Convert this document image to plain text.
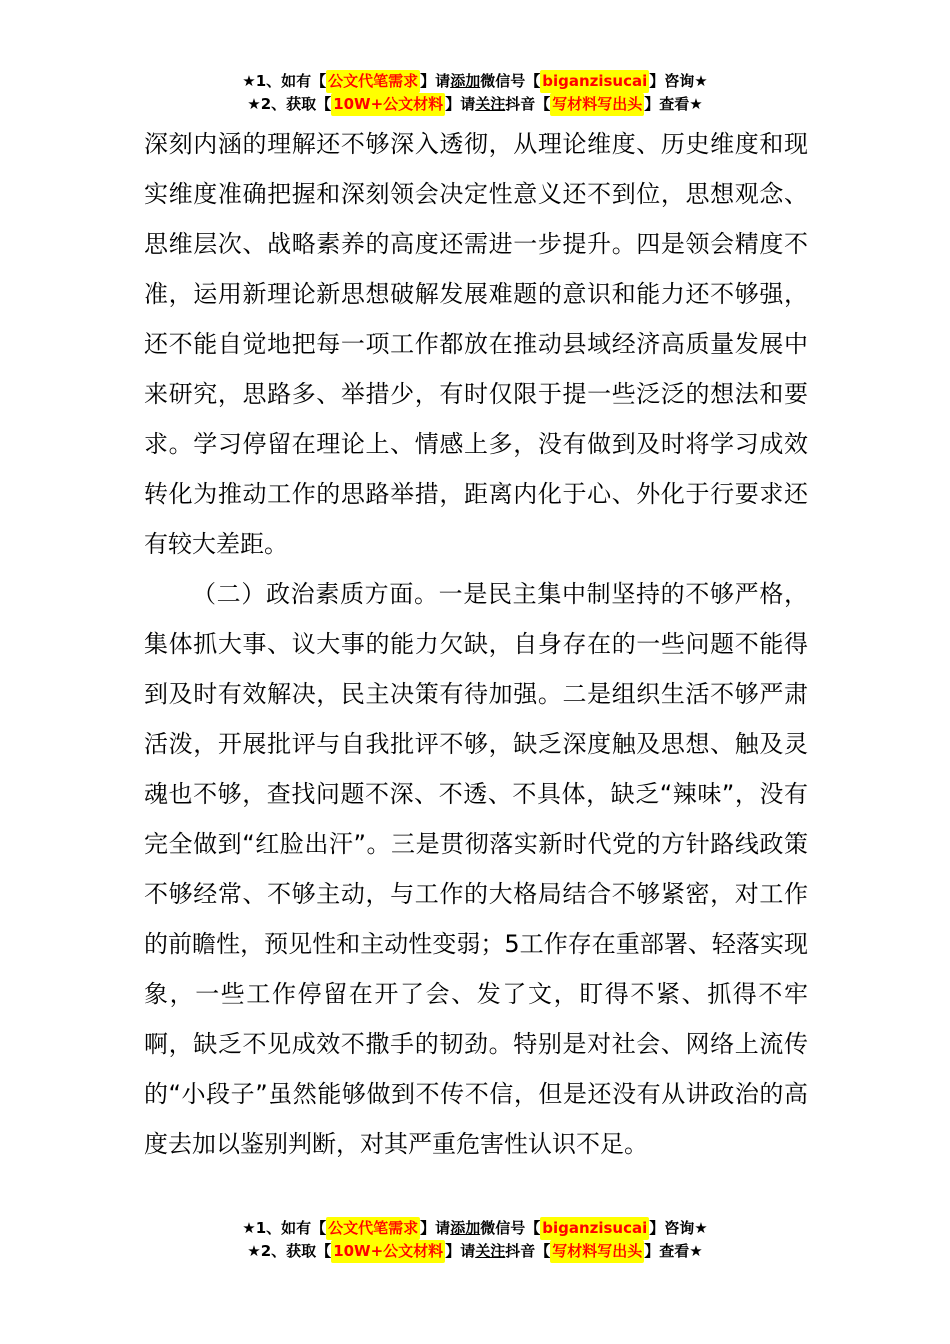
★ 1、如有【 公文代笔需求 】请 添加 微信号【 biganzisucai 】咨询★
★ 2、获取【 10W+公文材料 】请 关注 抖音【 写材料写出头 】查看★

深刻内涵的理解还不够深入透彻，从理论维度、历史维度和现实维度准确把握和深刻领会决定性意义还不到位，思想观念、思维层次、战略素养的高度还需进一步提升。四是领会精度不准，运用新理论新思想破解发展难题的意识和能力还不够强，还不能自觉地把每一项工作都放在推动县域经济高质量发展中来研究，思路多、举措少，有时仅限于提一些泛泛的想法和要求。学习停留在理论上、情感上多，没有做到及时将学习成效转化为推动工作的思路举措，距离内化于心、外化于行要求还有较大差距。

（二）政治素质方面。一是民主集中制坚持的不够严格，集体抓大事、议大事的能力欠缺，自身存在的一些问题不能得到及时有效解决，民主决策有待加强。二是组织生活不够严肃活泼，开展批评与自我批评不够，缺乏深度触及思想、触及灵魂也不够，查找问题不深、不透、不具体，缺乏“辣味”，没有完全做到“红脸出汗”。三是贯彻落实新时代党的方针路线政策不够经常、不够主动，与工作的大格局结合不够紧密，对工作的前瞻性，预见性和主动性变弱；5工作存在重部署、轻落实现象，一些工作停留在开了会、发了文，盯得不紧、抓得不牢啊，缺乏不见成效不撒手的韧劲。特别是对社会、网络上流传的“小段子”虽然能够做到不传不信，但是还没有从讲政治的高度去加以鉴别判断，对其严重危害性认识不足。

★ 1、如有【 公文代笔需求 】请 添加 微信号【 biganzisucai 】咨询★
★ 2、获取【 10W+公文材料 】请 关注 抖音【 写材料写出头 】查看★
